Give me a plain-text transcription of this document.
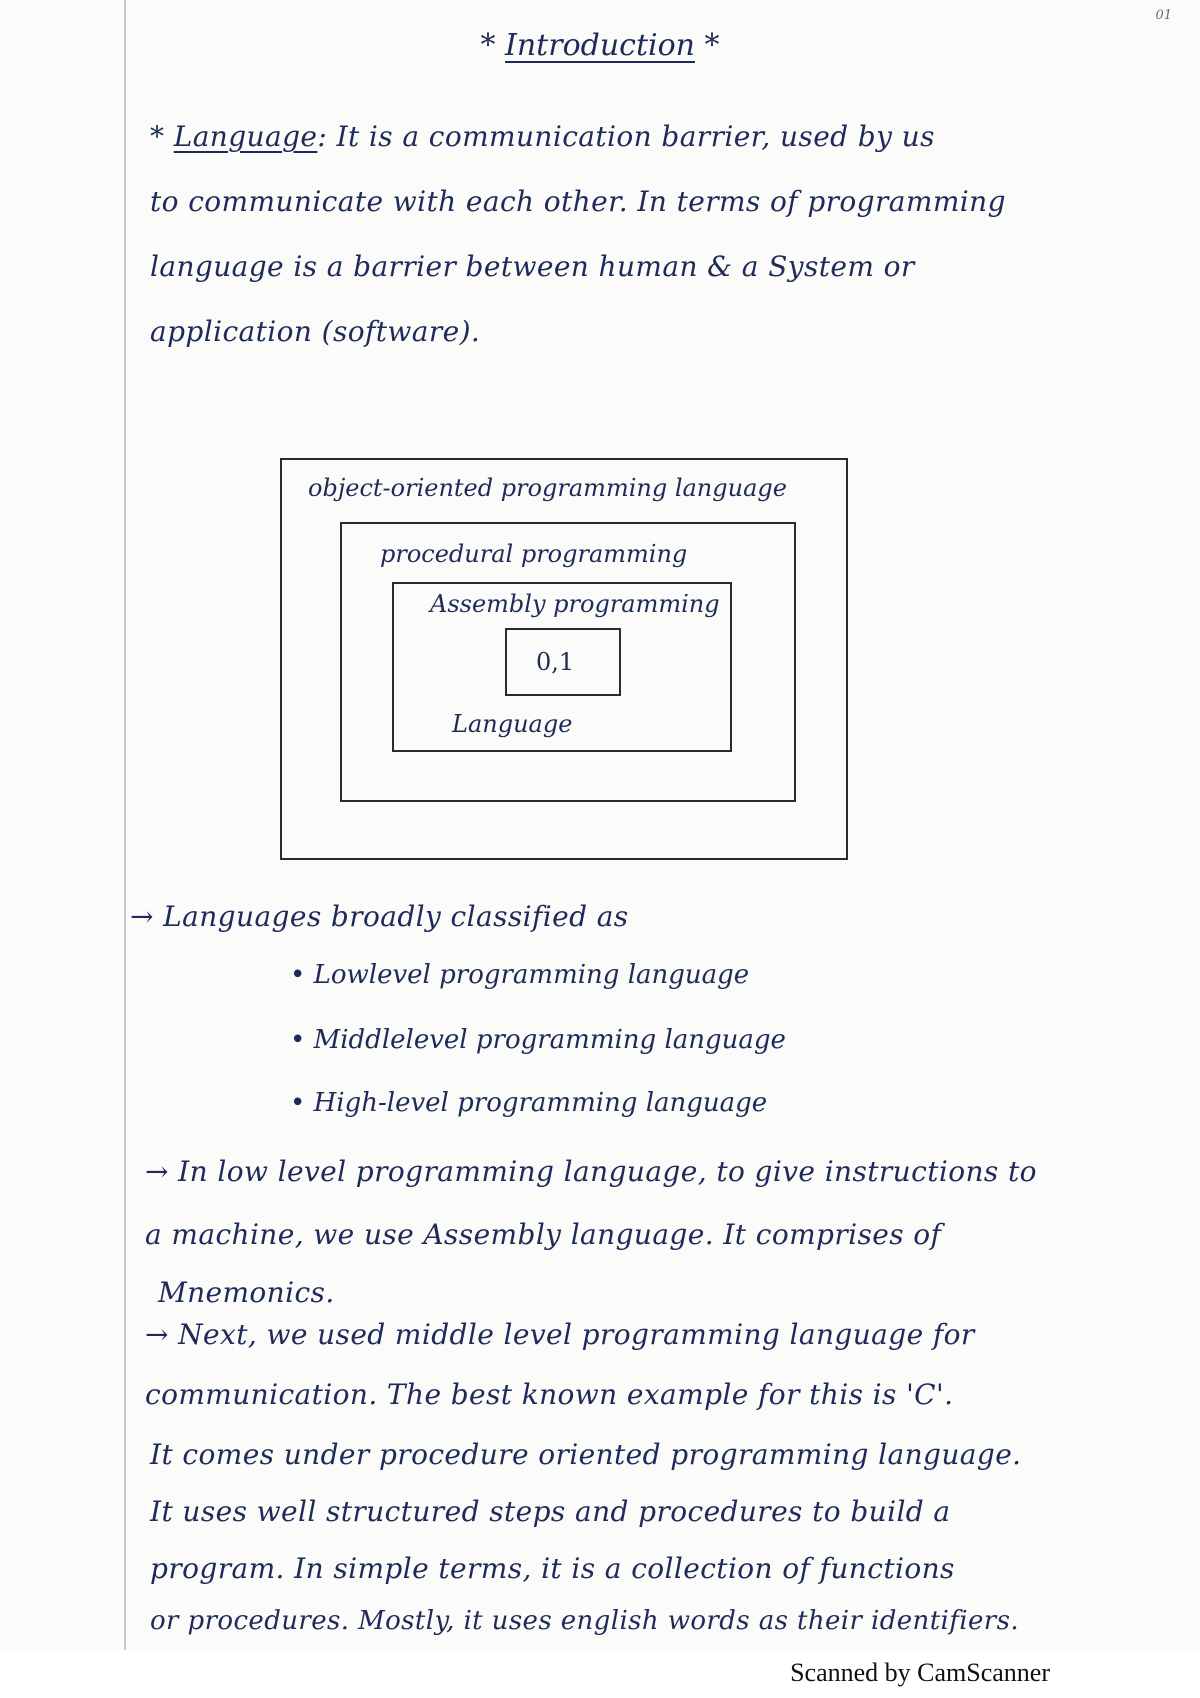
01
* Introduction *
* Language: It is a communication barrier, used by us
to communicate with each other. In terms of programming
language is a barrier between human & a System or
application (software).
object-oriented programming language
procedural programming
Assembly programming
0,1
Language
→ Languages broadly classified as
• Lowlevel programming language
• Middlelevel programming language
• High-level programming language
→ In low level programming language, to give instructions to
a machine, we use Assembly language. It comprises of
Mnemonics.
→ Next, we used middle level programming language for
communication. The best known example for this is 'C'.
It comes under procedure oriented programming language.
It uses well structured steps and procedures to build a
program. In simple terms, it is a collection of functions
or procedures. Mostly, it uses english words as their identifiers.
Scanned by CamScanner
